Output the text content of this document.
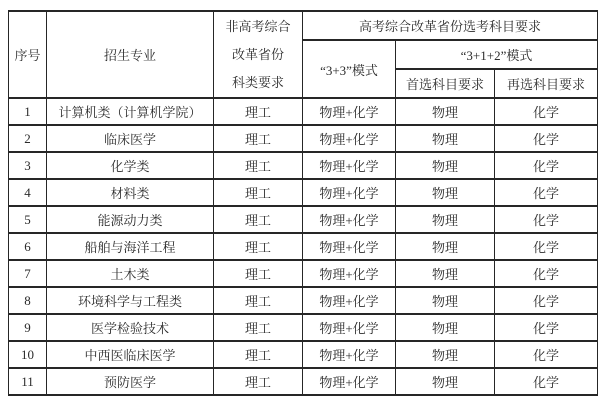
序号	招生专业	非高考综合
改革省份
科类要求	高考综合改革省份选考科目要求		
			“3+3”模式	“3+1+2”模式	
				首选科目要求	再选科目要求
1	计算机类（计算机学院）	理工	物理+化学	物理	化学
2	临床医学	理工	物理+化学	物理	化学
3	化学类	理工	物理+化学	物理	化学
4	材料类	理工	物理+化学	物理	化学
5	能源动力类	理工	物理+化学	物理	化学
6	船舶与海洋工程	理工	物理+化学	物理	化学
7	土木类	理工	物理+化学	物理	化学
8	环境科学与工程类	理工	物理+化学	物理	化学
9	医学检验技术	理工	物理+化学	物理	化学
10	中西医临床医学	理工	物理+化学	物理	化学
11	预防医学	理工	物理+化学	物理	化学
